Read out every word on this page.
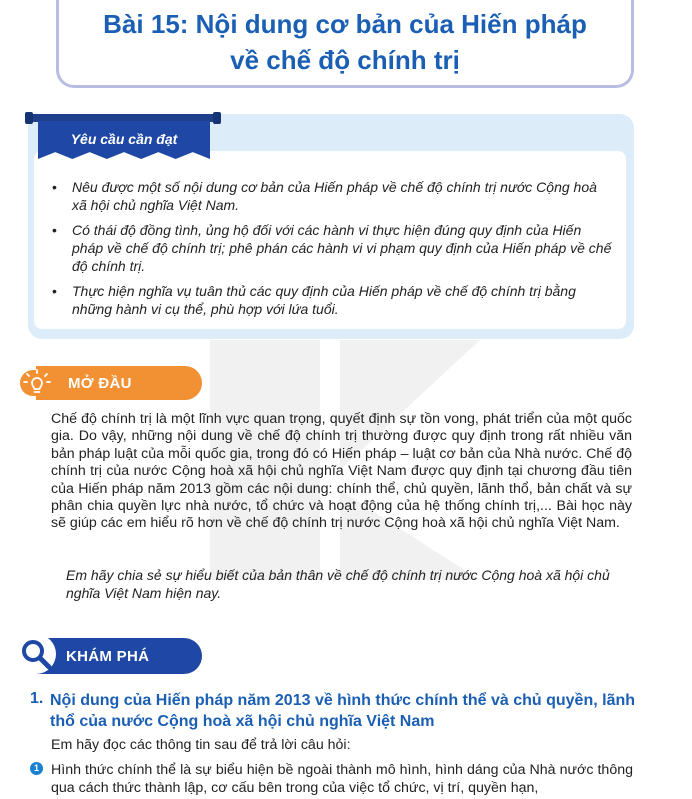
Bài 15: Nội dung cơ bản của Hiến pháp
về chế độ chính trị
Yêu cầu cần đạt
• Nêu được một số nội dung cơ bản của Hiến pháp về chế độ chính trị nước Cộng hoà xã hội chủ nghĩa Việt Nam.
• Có thái độ đồng tình, ủng hộ đối với các hành vi thực hiện đúng quy định của Hiến pháp về chế độ chính trị; phê phán các hành vi vi phạm quy định của Hiến pháp về chế độ chính trị.
• Thực hiện nghĩa vụ tuân thủ các quy định của Hiến pháp về chế độ chính trị bằng những hành vi cụ thể, phù hợp với lứa tuổi.
MỞ ĐẦU

Chế độ chính trị là một lĩnh vực quan trọng, quyết định sự tồn vong, phát triển của một quốc gia. Do vậy, những nội dung về chế độ chính trị thường được quy định trong rất nhiều văn bản pháp luật của mỗi quốc gia, trong đó có Hiến pháp – luật cơ bản của Nhà nước. Chế độ chính trị của nước Cộng hoà xã hội chủ nghĩa Việt Nam được quy định tại chương đầu tiên của Hiến pháp năm 2013 gồm các nội dung: chính thể, chủ quyền, lãnh thổ, bản chất và sự phân chia quyền lực nhà nước, tổ chức và hoạt động của hệ thống chính trị,... Bài học này sẽ giúp các em hiểu rõ hơn về chế độ chính trị nước Cộng hoà xã hội chủ nghĩa Việt Nam.

Em hãy chia sẻ sự hiểu biết của bản thân về chế độ chính trị nước Cộng hoà xã hội chủ nghĩa Việt Nam hiện nay.

KHÁM PHÁ
1. Nội dung của Hiến pháp năm 2013 về hình thức chính thể và chủ quyền, lãnh thổ của nước Cộng hoà xã hội chủ nghĩa Việt Nam
Em hãy đọc các thông tin sau để trả lời câu hỏi:
1 Hình thức chính thể là sự biểu hiện bề ngoài thành mô hình, hình dáng của Nhà nước thông qua cách thức thành lập, cơ cấu bên trong của việc tổ chức, vị trí, quyền hạn,
